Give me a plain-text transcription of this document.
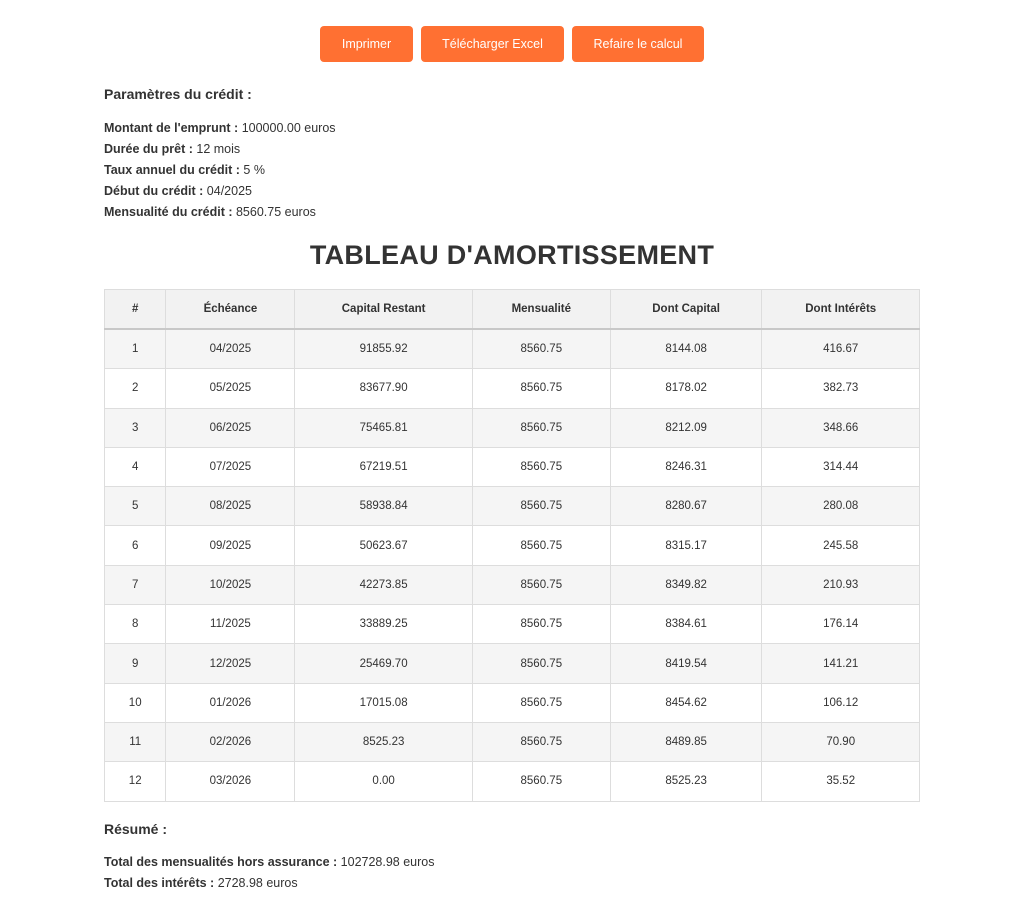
Imprimer	Télécharger Excel	Refaire le calcul
Paramètres du crédit :
Montant de l'emprunt : 100000.00 euros
Durée du prêt : 12 mois
Taux annuel du crédit : 5 %
Début du crédit : 04/2025
Mensualité du crédit : 8560.75 euros
TABLEAU D'AMORTISSEMENT
#	Échéance	Capital Restant	Mensualité	Dont Capital	Dont Intérêts
1	04/2025	91855.92	8560.75	8144.08	416.67
2	05/2025	83677.90	8560.75	8178.02	382.73
3	06/2025	75465.81	8560.75	8212.09	348.66
4	07/2025	67219.51	8560.75	8246.31	314.44
5	08/2025	58938.84	8560.75	8280.67	280.08
6	09/2025	50623.67	8560.75	8315.17	245.58
7	10/2025	42273.85	8560.75	8349.82	210.93
8	11/2025	33889.25	8560.75	8384.61	176.14
9	12/2025	25469.70	8560.75	8419.54	141.21
10	01/2026	17015.08	8560.75	8454.62	106.12
11	02/2026	8525.23	8560.75	8489.85	70.90
12	03/2026	0.00	8560.75	8525.23	35.52
Résumé :
Total des mensualités hors assurance : 102728.98 euros
Total des intérêts : 2728.98 euros
